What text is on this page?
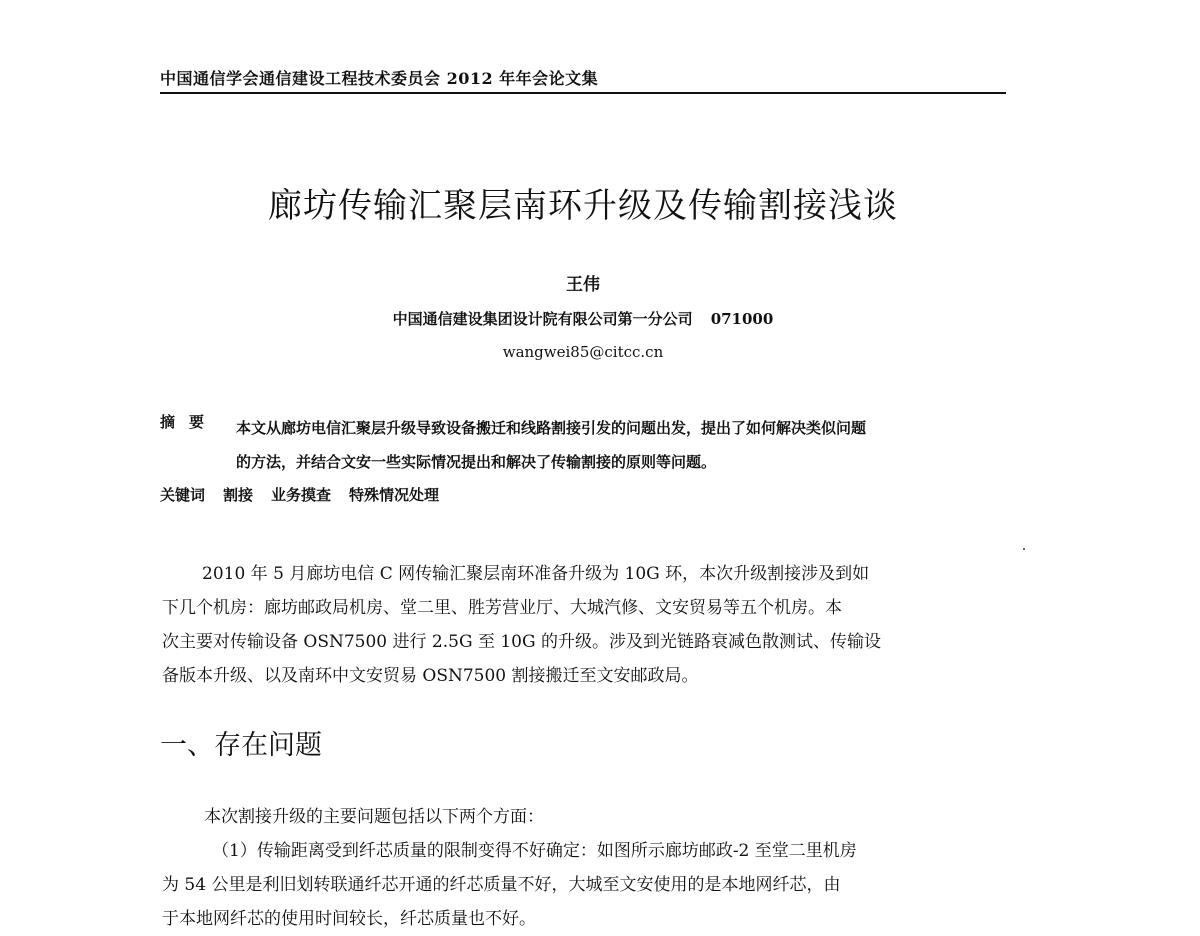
中国通信学会通信建设工程技术委员会 2012 年年会论文集
廊坊传输汇聚层南环升级及传输割接浅谈
王伟
中国通信建设集团设计院有限公司第一分公司 071000
wangwei85@citcc.cn
摘要 本文从廊坊电信汇聚层升级导致设备搬迁和线路割接引发的问题出发，提出了如何解决类似问题
的方法，并结合文安一些实际情况提出和解决了传输割接的原则等问题。
关键词 割接 业务摸查 特殊情况处理
2010 年 5 月廊坊电信 C 网传输汇聚层南环准备升级为 10G 环，本次升级割接涉及到如
下几个机房：廊坊邮政局机房、堂二里、胜芳营业厅、大城汽修、文安贸易等五个机房。本
次主要对传输设备 OSN7500 进行 2.5G 至 10G 的升级。涉及到光链路衰减色散测试、传输设
备版本升级、以及南环中文安贸易 OSN7500 割接搬迁至文安邮政局。
一、存在问题
本次割接升级的主要问题包括以下两个方面：
（1）传输距离受到纤芯质量的限制变得不好确定：如图所示廊坊邮政-2 至堂二里机房
为 54 公里是利旧划转联通纤芯开通的纤芯质量不好，大城至文安使用的是本地网纤芯，由
于本地网纤芯的使用时间较长，纤芯质量也不好。
